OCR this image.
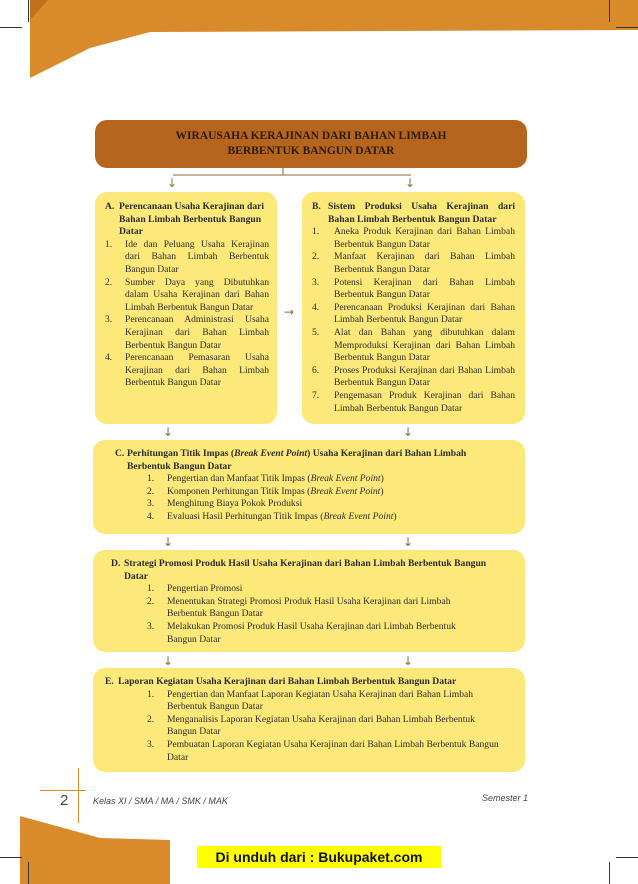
WIRAUSAHA KERAJINAN DARI BAHAN LIMBAH
BERBENTUK BANGUN DATAR
↓	↓
A. Perencanaan Usaha Kerajinan dari Bahan Limbah Berbentuk Bangun Datar
1.	Ide dan Peluang Usaha Kerajinan dari Bahan Limbah Berbentuk Bangun Datar
2.	Sumber Daya yang Dibutuhkan dalam Usaha Kerajinan dari Bahan Limbah Berbentuk Bangun Datar
3.	Perencanaan Administrasi Usaha Kerajinan dari Bahan Limbah Berbentuk Bangun Datar
4.	Perencanaan Pemasaran Usaha Kerajinan dari Bahan Limbah Berbentuk Bangun Datar
→
B. Sistem Produksi Usaha Kerajinan dari Bahan Limbah Berbentuk Bangun Datar
1.	Aneka Produk Kerajinan dari Bahan Limbah Berbentuk Bangun Datar
2.	Manfaat Kerajinan dari Bahan Limbah Berbentuk Bangun Datar
3.	Potensi Kerajinan dari Bahan Limbah Berbentuk Bangun Datar
4.	Perencanaan Produksi Kerajinan dari Bahan Limbah Berbentuk Bangun Datar
5.	Alat dan Bahan yang dibutuhkan dalam Memproduksi Kerajinan dari Bahan Limbah Berbentuk Bangun Datar
6.	Proses Produksi Kerajinan dari Bahan Limbah Berbentuk Bangun Datar
7.	Pengemasan Produk Kerajinan dari Bahan Limbah Berbentuk Bangun Datar
↓	↓
C. Perhitungan Titik Impas (Break Event Point) Usaha Kerajinan dari Bahan Limbah Berbentuk Bangun Datar
1.	Pengertian dan Manfaat Titik Impas (Break Event Point)
2.	Komponen Perhitungan Titik Impas (Break Event Point)
3.	Menghitung Biaya Pokok Produksi
4.	Evaluasi Hasil Perhitungan Titik Impas (Break Event Point)
↓	↓
D. Strategi Promosi Produk Hasil Usaha Kerajinan dari Bahan Limbah Berbentuk Bangun Datar
1.	Pengertian Promosi
2.	Menentukan Strategi Promosi Produk Hasil Usaha Kerajinan dari Limbah Berbentuk Bangun Datar
3.	Melakukan Promosi Produk Hasil Usaha Kerajinan dari Limbah Berbentuk Bangun Datar
↓	↓
E. Laporan Kegiatan Usaha Kerajinan dari Bahan Limbah Berbentuk Bangun Datar
1.	Pengertian dan Manfaat Laporan Kegiatan Usaha Kerajinan dari Bahan Limbah Berbentuk Bangun Datar
2.	Menganalisis Laporan Kegiatan Usaha Kerajinan dari Bahan Limbah Berbentuk Bangun Datar
3.	Pembuatan Laporan Kegiatan Usaha Kerajinan dari Bahan Limbah Berbentuk Bangun Datar
2	Kelas XI / SMA / MA / SMK / MAK	Semester 1
Di unduh dari : Bukupaket.com
